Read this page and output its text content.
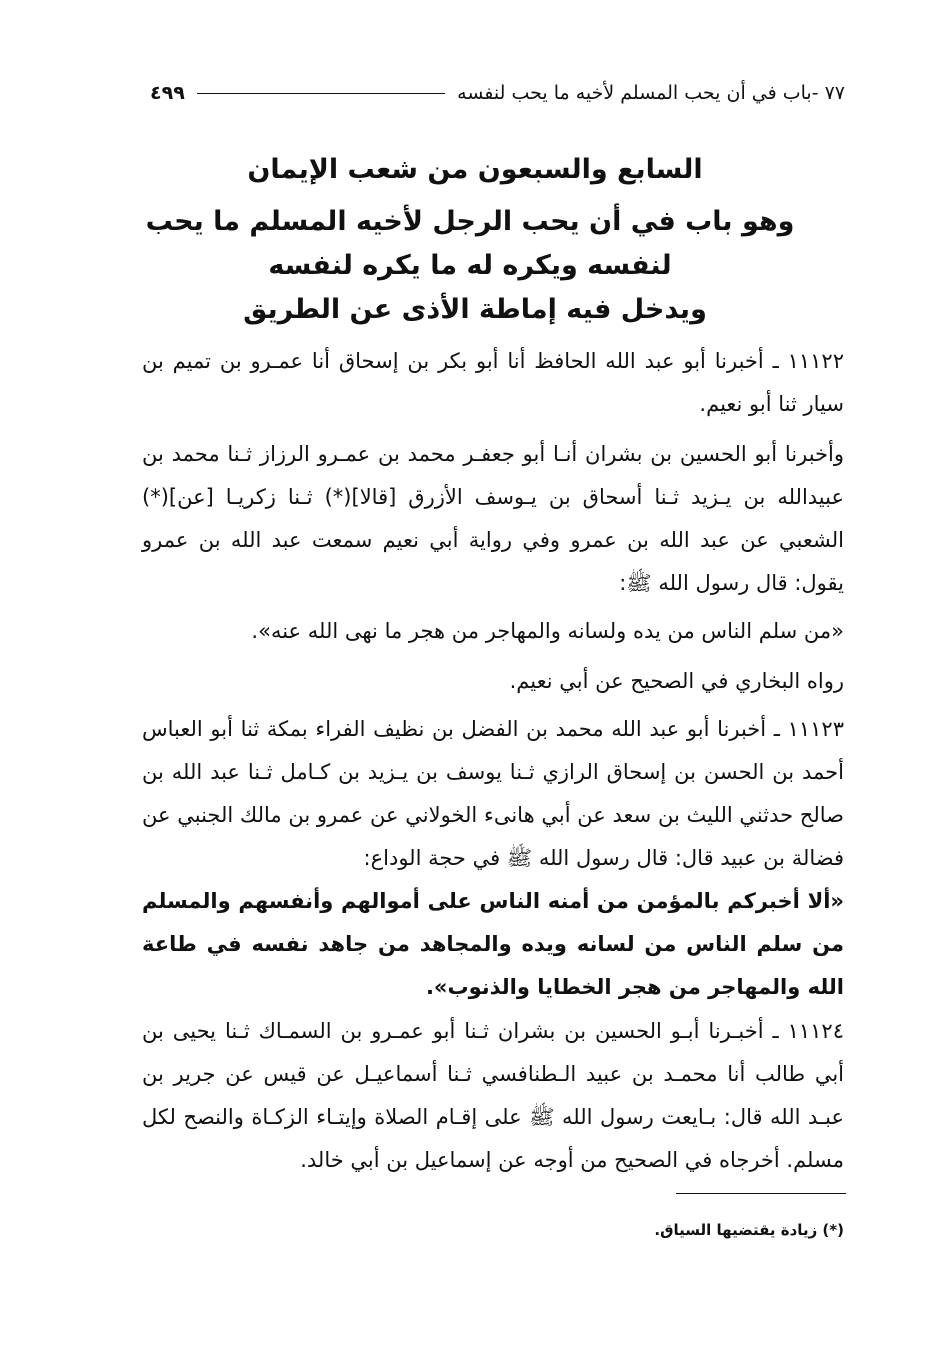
٧٧ -باب في أن يحب المسلم لأخيه ما يحب لنفسه
٤٩٩
السابع والسبعون من شعب الإيمان
وهو باب في أن يحب الرجل لأخيه المسلم ما يحب لنفسه ويكره له ما يكره لنفسه
ويدخل فيه إماطة الأذى عن الطريق

١١١٢٢ ـ أخبرنا أبو عبد الله الحافظ أنا أبو بكر بن إسحاق أنا عمـرو بن تميم بن سيار ثنا أبو نعيم.

وأخبرنا أبو الحسين بن بشران أنـا أبو جعفـر محمد بن عمـرو الرزاز ثـنا محمد بن عبيدالله بن يـزيد ثـنا أسحاق بن يـوسف الأزرق [قالا](*) ثـنا زكريـا [عن](*) الشعبي عن عبد الله بن عمرو وفي رواية أبي نعيم سمعت عبد الله بن عمرو يقول: قال رسول الله ﷺ:

«من سلم الناس من يده ولسانه والمهاجر من هجر ما نهى الله عنه».

رواه البخاري في الصحيح عن أبي نعيم.

١١١٢٣ ـ أخبرنا أبو عبد الله محمد بن الفضل بن نظيف الفراء بمكة ثنا أبو العباس أحمد بن الحسن بن إسحاق الرازي ثـنا يوسف بن يـزيد بن كـامل ثـنا عبد الله بن صالح حدثني الليث بن سعد عن أبي هانىء الخولاني عن عمرو بن مالك الجنبي عن فضالة بن عبيد قال: قال رسول الله ﷺ في حجة الوداع:

«ألا أخبركم بالمؤمن من أمنه الناس على أموالهم وأنفسهم والمسلم من سلم الناس من لسانه ويده والمجاهد من جاهد نفسه في طاعة الله والمهاجر من هجر الخطايا والذنوب».

١١١٢٤ ـ أخبـرنا أبـو الحسين بن بشران ثـنا أبو عمـرو بن السمـاك ثـنا يحيى بن أبي طالب أنا محمـد بن عبيد الـطنافسي ثـنا أسماعيـل عن قيس عن جرير بن عبـد الله قال: بـايعت رسول الله ﷺ على إقـام الصلاة وإيتـاء الزكـاة والنصح لكل مسلم. أخرجاه في الصحيح من أوجه عن إسماعيل بن أبي خالد.

(*) زيادة يقتضيها السياق.
